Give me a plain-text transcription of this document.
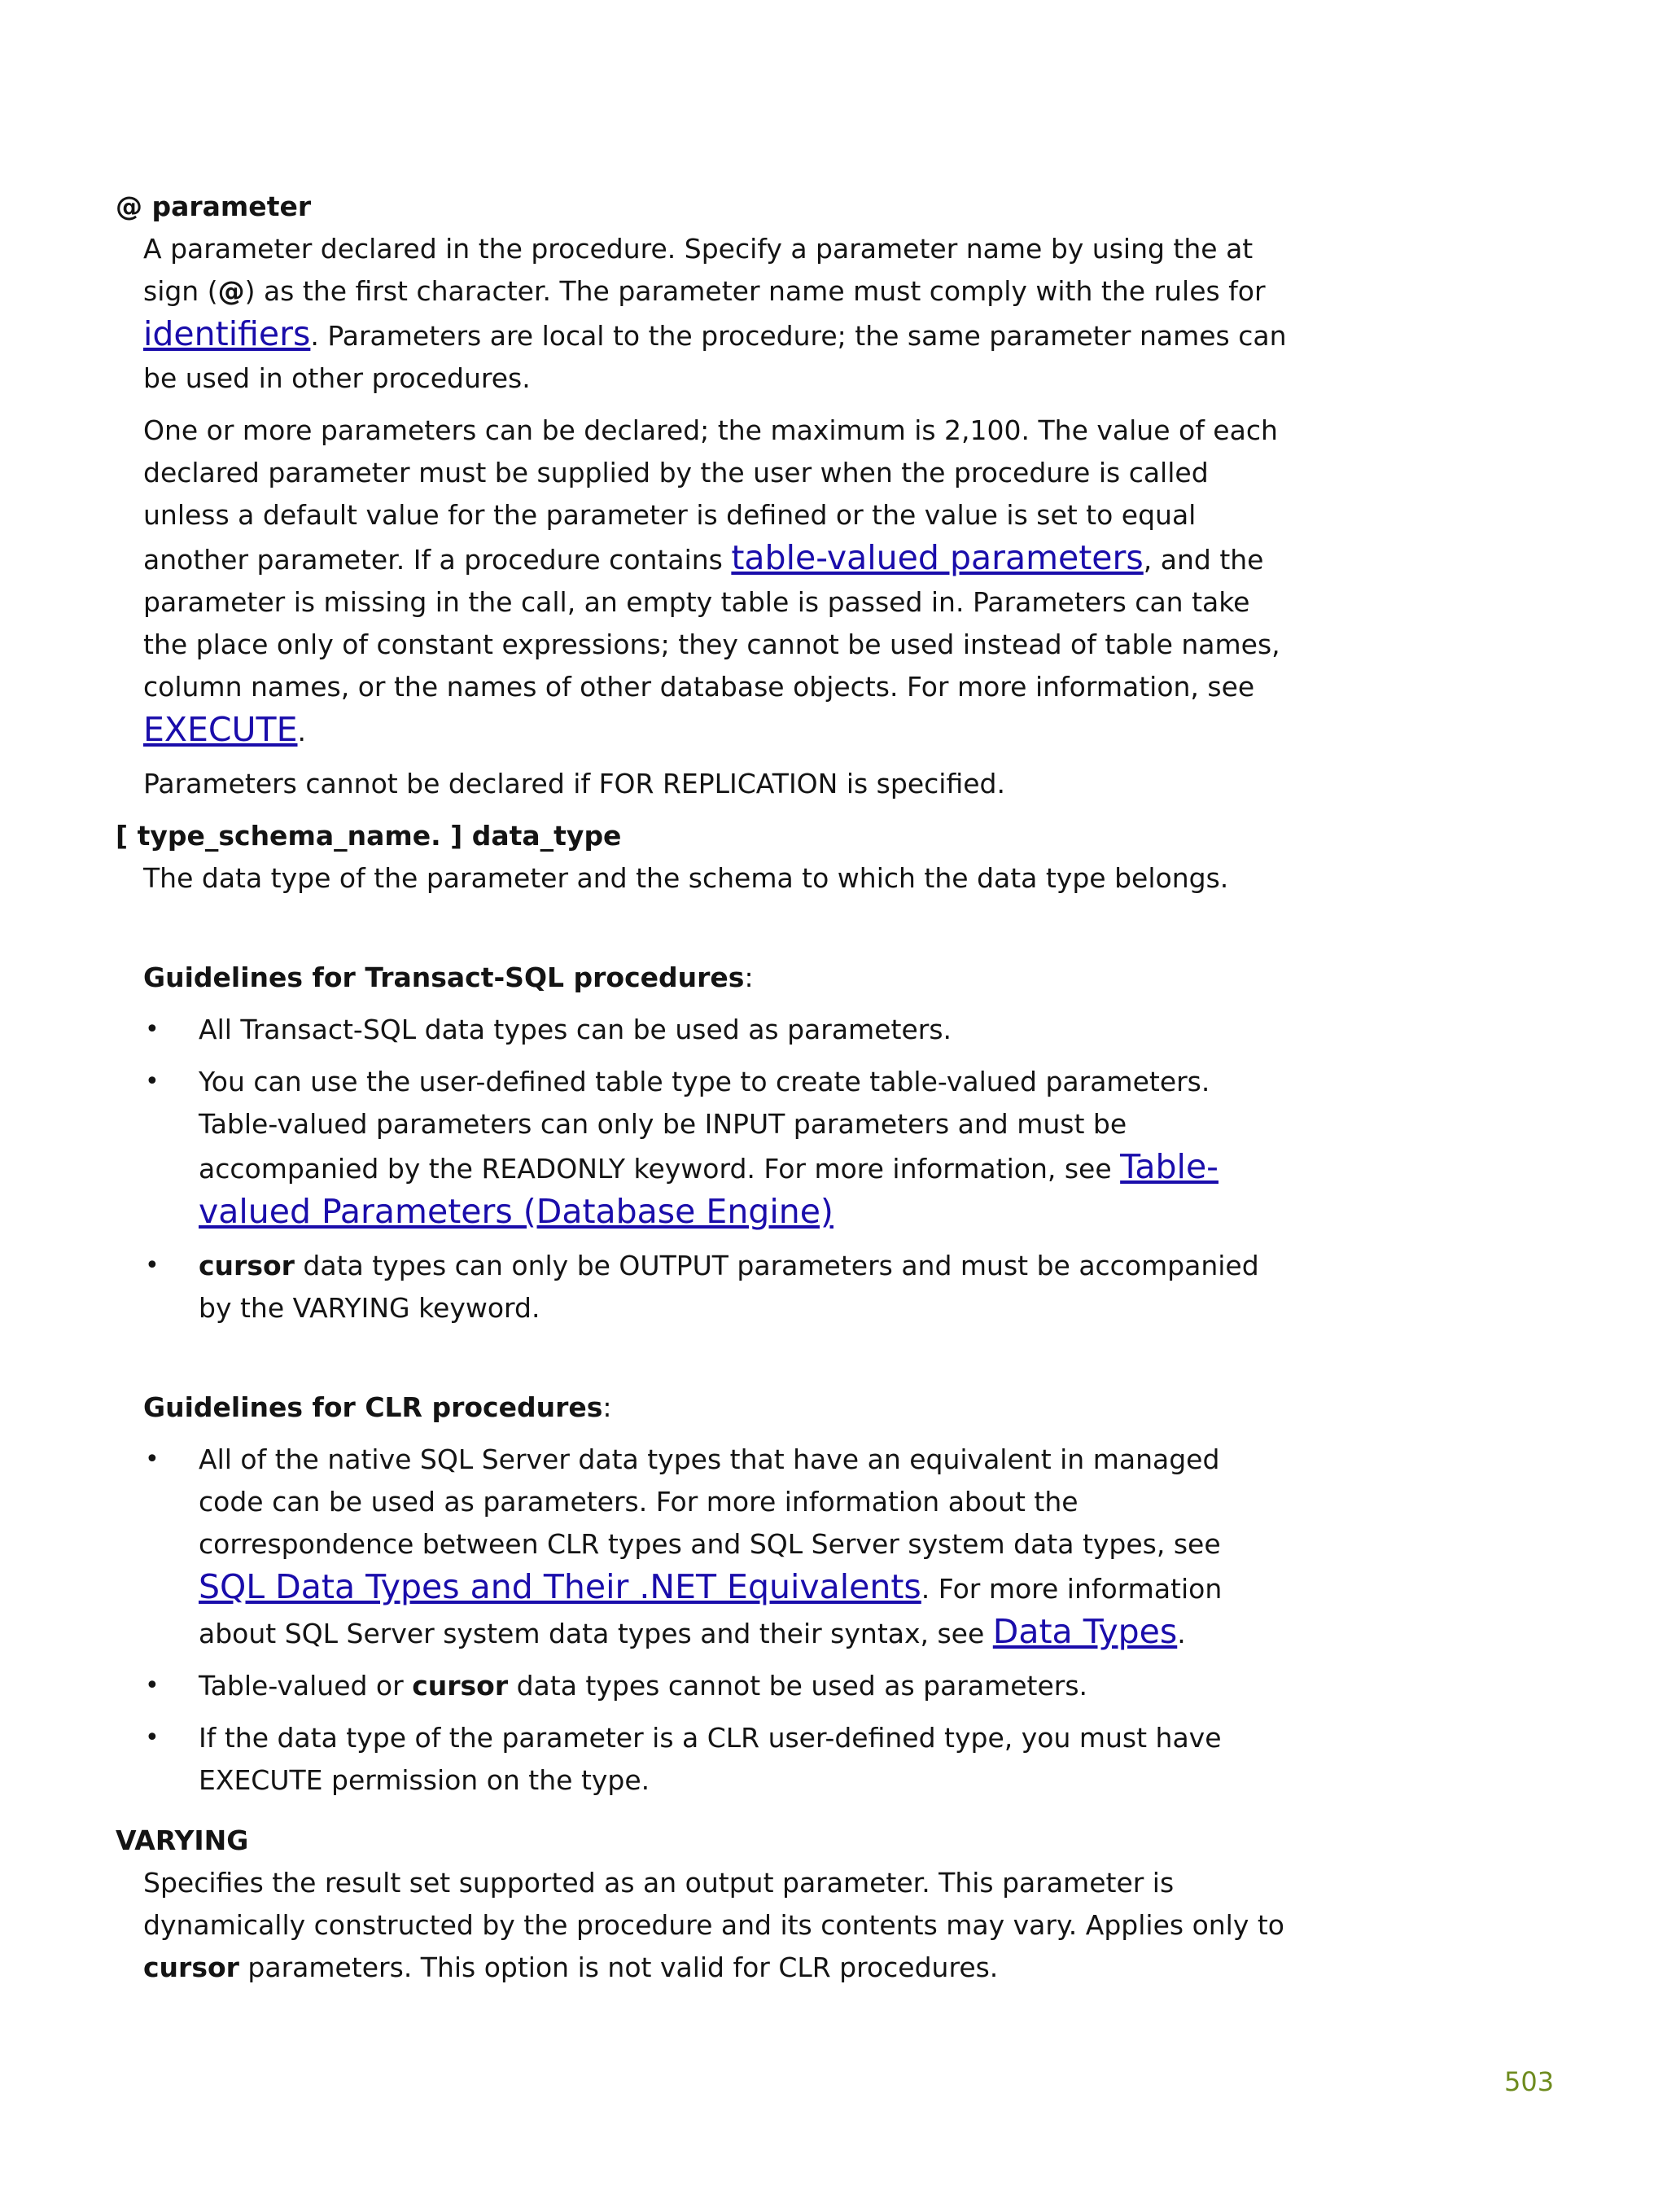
@ parameter

A parameter declared in the procedure. Specify a parameter name by using the at sign (@) as the first character. The parameter name must comply with the rules for identifiers. Parameters are local to the procedure; the same parameter names can be used in other procedures.

One or more parameters can be declared; the maximum is 2,100. The value of each declared parameter must be supplied by the user when the procedure is called unless a default value for the parameter is defined or the value is set to equal another parameter. If a procedure contains table-valued parameters, and the parameter is missing in the call, an empty table is passed in. Parameters can take the place only of constant expressions; they cannot be used instead of table names, column names, or the names of other database objects. For more information, see EXECUTE.

Parameters cannot be declared if FOR REPLICATION is specified.

[ type_schema_name. ] data_type

The data type of the parameter and the schema to which the data type belongs.

Guidelines for Transact-SQL procedures:

• All Transact-SQL data types can be used as parameters.
• You can use the user-defined table type to create table-valued parameters. Table-valued parameters can only be INPUT parameters and must be accompanied by the READONLY keyword. For more information, see Table-valued Parameters (Database Engine)
• cursor data types can only be OUTPUT parameters and must be accompanied by the VARYING keyword.

Guidelines for CLR procedures:

• All of the native SQL Server data types that have an equivalent in managed code can be used as parameters. For more information about the correspondence between CLR types and SQL Server system data types, see SQL Data Types and Their .NET Equivalents. For more information about SQL Server system data types and their syntax, see Data Types.
• Table-valued or cursor data types cannot be used as parameters.
• If the data type of the parameter is a CLR user-defined type, you must have EXECUTE permission on the type.

VARYING

Specifies the result set supported as an output parameter. This parameter is dynamically constructed by the procedure and its contents may vary. Applies only to cursor parameters. This option is not valid for CLR procedures.

503
